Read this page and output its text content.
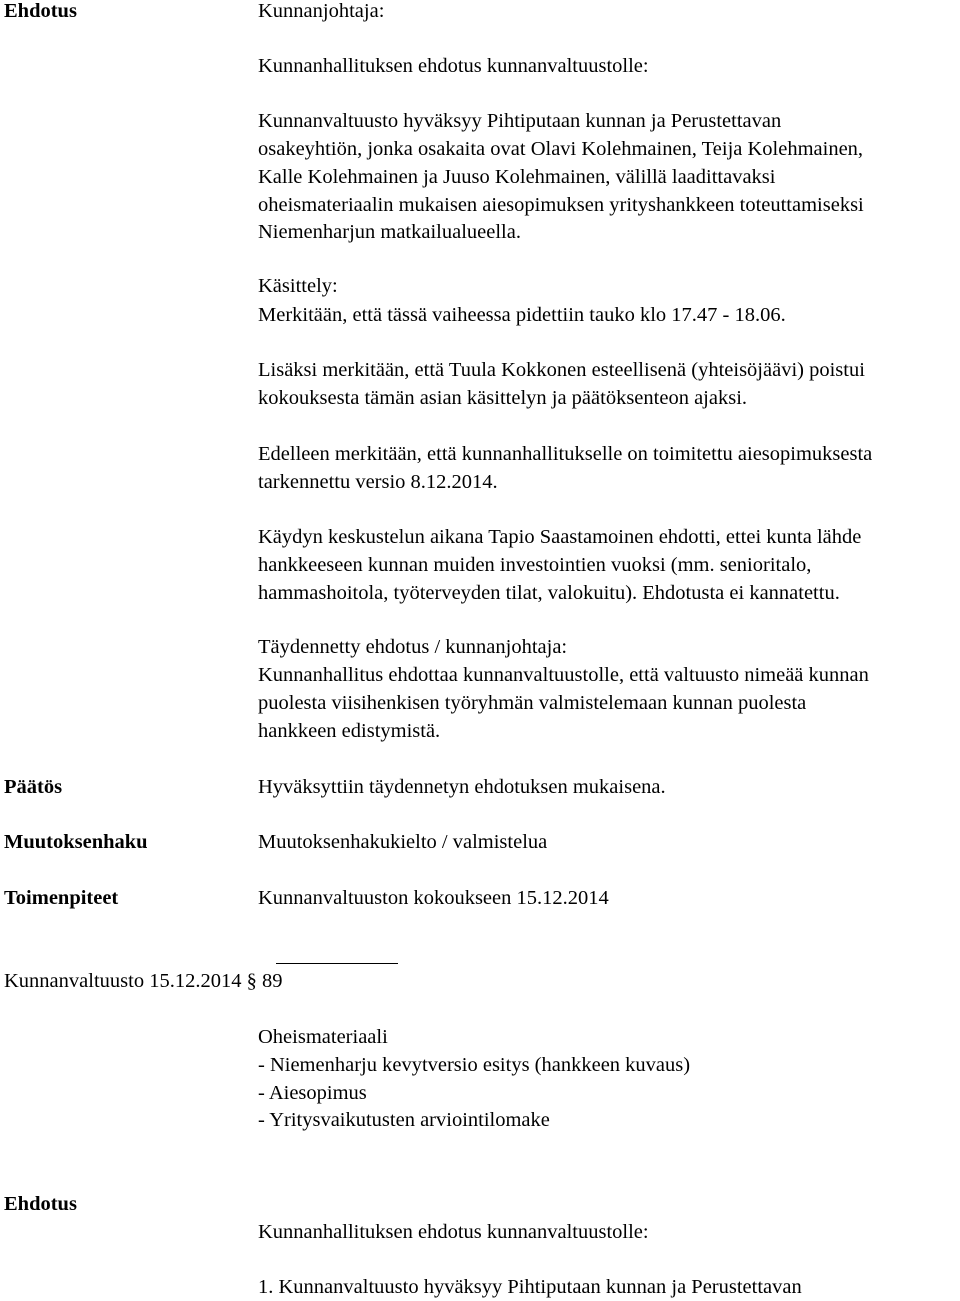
Ehdotus	Kunnanjohtaja:

Kunnanhallituksen ehdotus kunnanvaltuustolle:

Kunnanvaltuusto hyväksyy Pihtiputaan kunnan ja Perustettavan

osakeyhtiön, jonka osakaita ovat Olavi Kolehmainen, Teija Kolehmainen,

Kalle Kolehmainen ja Juuso Kolehmainen, välillä laadittavaksi

oheismateriaalin mukaisen aiesopimuksen yrityshankkeen toteuttamiseksi

Niemenharjun matkailualueella.

Käsittely:

Merkitään, että tässä vaiheessa pidettiin tauko klo 17.47 - 18.06.

Lisäksi merkitään, että Tuula Kokkonen esteellisenä (yhteisöjäävi) poistui

kokouksesta tämän asian käsittelyn ja päätöksenteon ajaksi.

Edelleen merkitään, että kunnanhallitukselle on toimitettu aiesopimuksesta

tarkennettu versio 8.12.2014.

Käydyn keskustelun aikana Tapio Saastamoinen ehdotti, ettei kunta lähde

hankkeeseen kunnan muiden investointien vuoksi (mm. senioritalo,

hammashoitola, työterveyden tilat, valokuitu). Ehdotusta ei kannatettu.

Täydennetty ehdotus / kunnanjohtaja:

Kunnanhallitus ehdottaa kunnanvaltuustolle, että valtuusto nimeää kunnan

puolesta viisihenkisen työryhmän valmistelemaan kunnan puolesta

hankkeen edistymistä.

Päätös	Hyväksyttiin täydennetyn ehdotuksen mukaisena.

Muutoksenhaku	Muutoksenhakukielto / valmistelua

Toimenpiteet	Kunnanvaltuuston kokoukseen 15.12.2014

Kunnanvaltuusto 15.12.2014 § 89

Oheismateriaali

- Niemenharju kevytversio esitys (hankkeen kuvaus)

- Aiesopimus

- Yritysvaikutusten arviointilomake

Ehdotus

Kunnanhallituksen ehdotus kunnanvaltuustolle:

1. Kunnanvaltuusto hyväksyy Pihtiputaan kunnan ja Perustettavan
